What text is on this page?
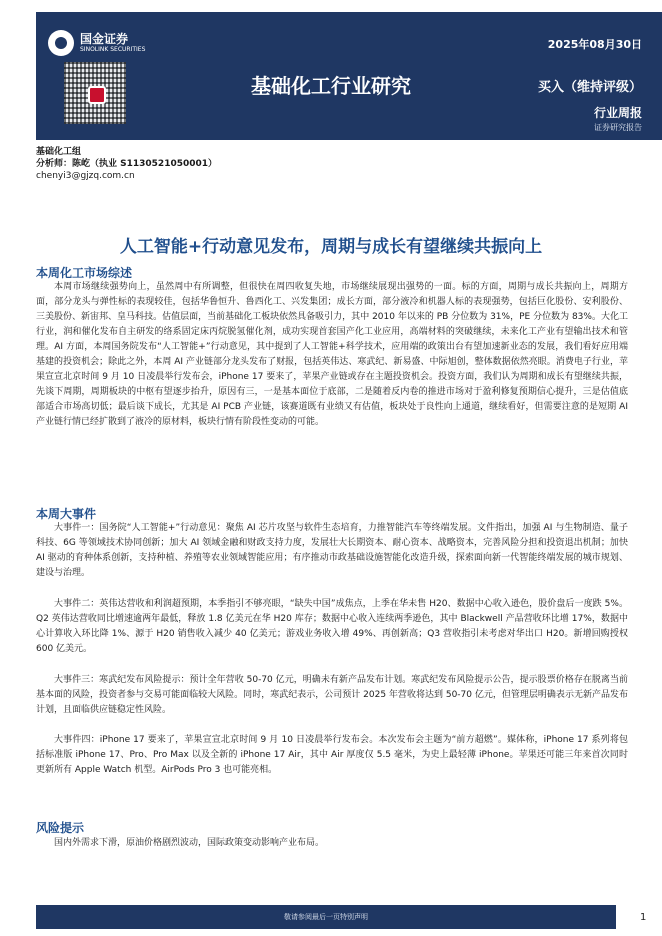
国金证券
SINOLINK SECURITIES	2025年08月30日
基础化工行业研究	买入（维持评级）
行业周报
证券研究报告
基础化工组
分析师：陈屹（执业 S1130521050001）
chenyi3@gjzq.com.cn
人工智能+行动意见发布，周期与成长有望继续共振向上
本周化工市场综述
本周市场继续强势向上，虽然周中有所调整，但很快在周四收复失地，市场继续展现出强势的一面。标的方面，周期与成长共振向上，周期方面，部分龙头与弹性标的表现较佳，包括华鲁恒升、鲁西化工、兴发集团；成长方面，部分液冷和机器人标的表现强势，包括巨化股份、安利股份、三美股份、新宙邦、皇马科技。估值层面，当前基础化工板块依然具备吸引力，其中 2010 年以来的 PB 分位数为 31%，PE 分位数为 83%。大化工行业，润和催化发布自主研发的络系固定床丙烷脱氢催化剂，成功实现首套国产化工业应用，高端材料的突破继续，未来化工产业有望输出技术和管理。AI 方面，本周国务院发布“人工智能+”行动意见，其中提到了人工智能+科学技术，应用端的政策出台有望加速新业态的发展，我们看好应用端基建的投资机会；除此之外，本周 AI 产业链部分龙头发布了财报，包括英伟达、寒武纪、新易盛、中际旭创，整体数据依然亮眼。消费电子行业，苹果宣宣北京时间 9 月 10 日凌晨举行发布会，iPhone 17 要来了，苹果产业链或存在主题投资机会。投资方面，我们认为周期和成长有望继续共振，先谈下周期，周期板块的中枢有望逐步抬升，原因有三，一是基本面位于底部，二是随着反内卷的推进市场对于盈利修复预期信心提升，三是估值底部适合市场高切低；最后谈下成长，尤其是 AI PCB 产业链，该赛道既有业绩又有估值，板块处于良性向上通道，继续看好，但需要注意的是短期 AI 产业链行情已经扩散到了液冷的原材料，板块行情有阶段性变动的可能。
本周大事件
大事件一：国务院“人工智能+”行动意见：聚焦 AI 芯片攻坚与软件生态培育，力推智能汽车等终端发展。文件指出，加强 AI 与生物制造、量子科技、6G 等领域技术协同创新；加大 AI 领域金融和财政支持力度，发展壮大长期资本、耐心资本、战略资本，完善风险分担和投资退出机制；加快 AI 驱动的育种体系创新，支持种植、养殖等农业领域智能应用；有序推动市政基础设施智能化改造升级，探索面向新一代智能终端发展的城市规划、建设与治理。
大事件二：英伟达营收和利润超预期，本季指引不够亮眼，“缺失中国”成焦点，上季在华未售 H20、数据中心收入逊色，股价盘后一度跌 5%。Q2 英伟达营收同比增速逾两年最低，释放 1.8 亿美元在华 H20 库存；数据中心收入连续两季逊色，其中 Blackwell 产品营收环比增 17%，数据中心计算收入环比降 1%、源于 H20 销售收入减少 40 亿美元；游戏业务收入增 49%、再创新高；Q3 营收指引未考虑对华出口 H20。新增回购授权 600 亿美元。
大事件三：寒武纪发布风险提示：预计全年营收 50-70 亿元，明确未有新产品发布计划。寒武纪发布风险提示公告，提示股票价格存在脱离当前基本面的风险，投资者参与交易可能面临较大风险。同时，寒武纪表示，公司预计 2025 年营收将达到 50-70 亿元，但管理层明确表示无新产品发布计划，且面临供应链稳定性风险。
大事件四：iPhone 17 要来了，苹果宣宣北京时间 9 月 10 日凌晨举行发布会。本次发布会主题为“前方超燃”。媒体称，iPhone 17 系列将包括标准版 iPhone 17、Pro、Pro Max 以及全新的 iPhone 17 Air，其中 Air 厚度仅 5.5 毫米，为史上最轻薄 iPhone。苹果还可能三年来首次同时更新所有 Apple Watch 机型。AirPods Pro 3 也可能亮相。
风险提示
国内外需求下滑，原油价格剧烈波动，国际政策变动影响产业布局。
敬请参阅最后一页特别声明	1
